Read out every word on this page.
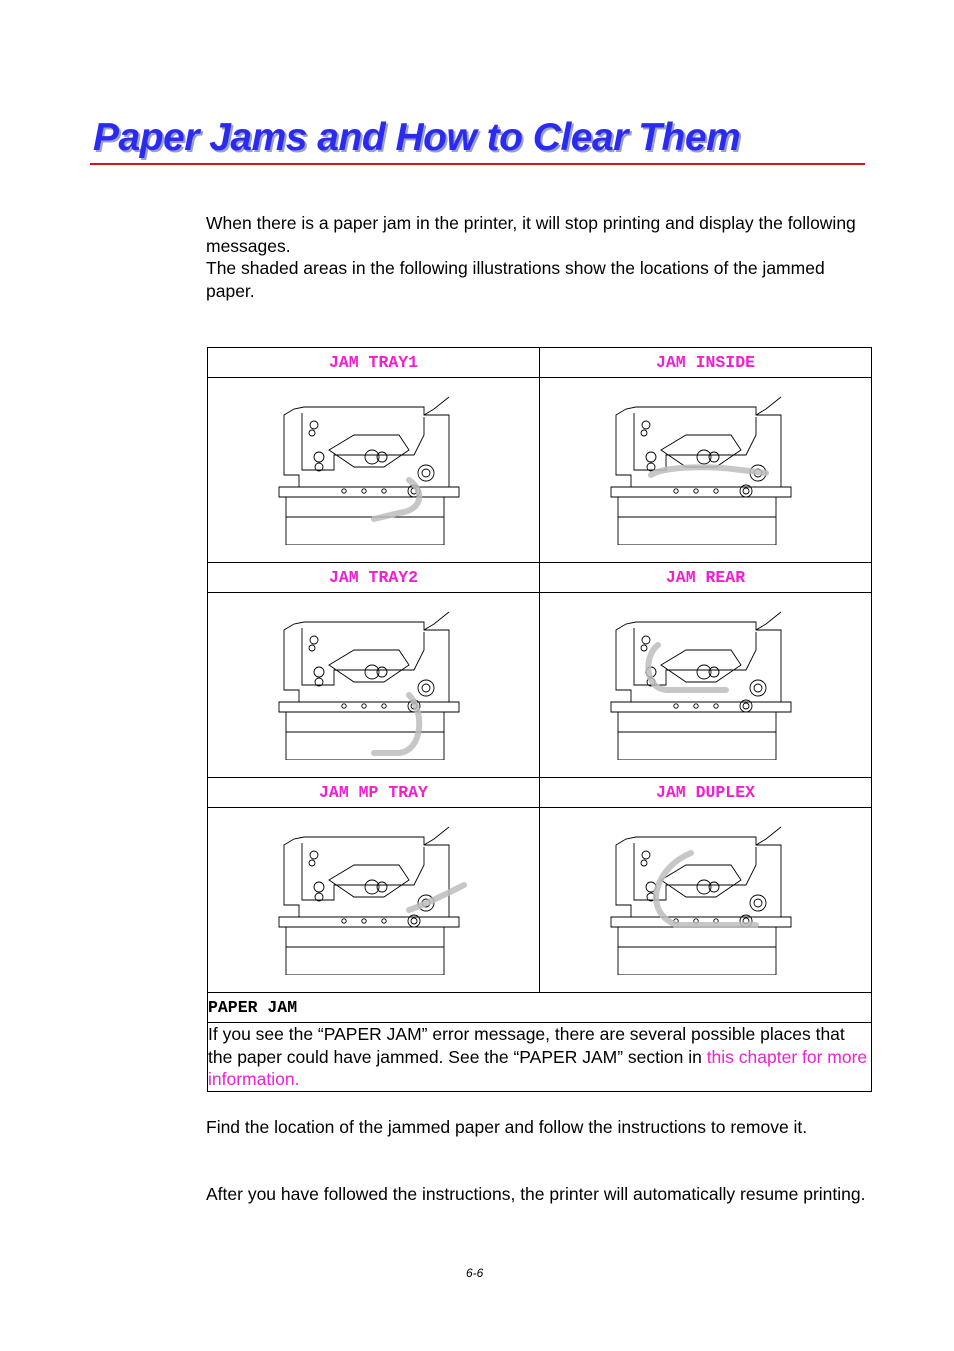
Paper Jams and How to Clear Them

When there is a paper jam in the printer, it will stop printing and display the following messages.
The shaded areas in the following illustrations show the locations of the jammed paper.

JAM TRAY1	JAM INSIDE

JAM TRAY2	JAM REAR

JAM MP TRAY	JAM DUPLEX

PAPER JAM	
If you see the “PAPER JAM” error message, there are several possible places that the paper could have jammed. See the “PAPER JAM” section in this chapter for more information.	

Find the location of the jammed paper and follow the instructions to remove it.

After you have followed the instructions, the printer will automatically resume printing.

6-6
